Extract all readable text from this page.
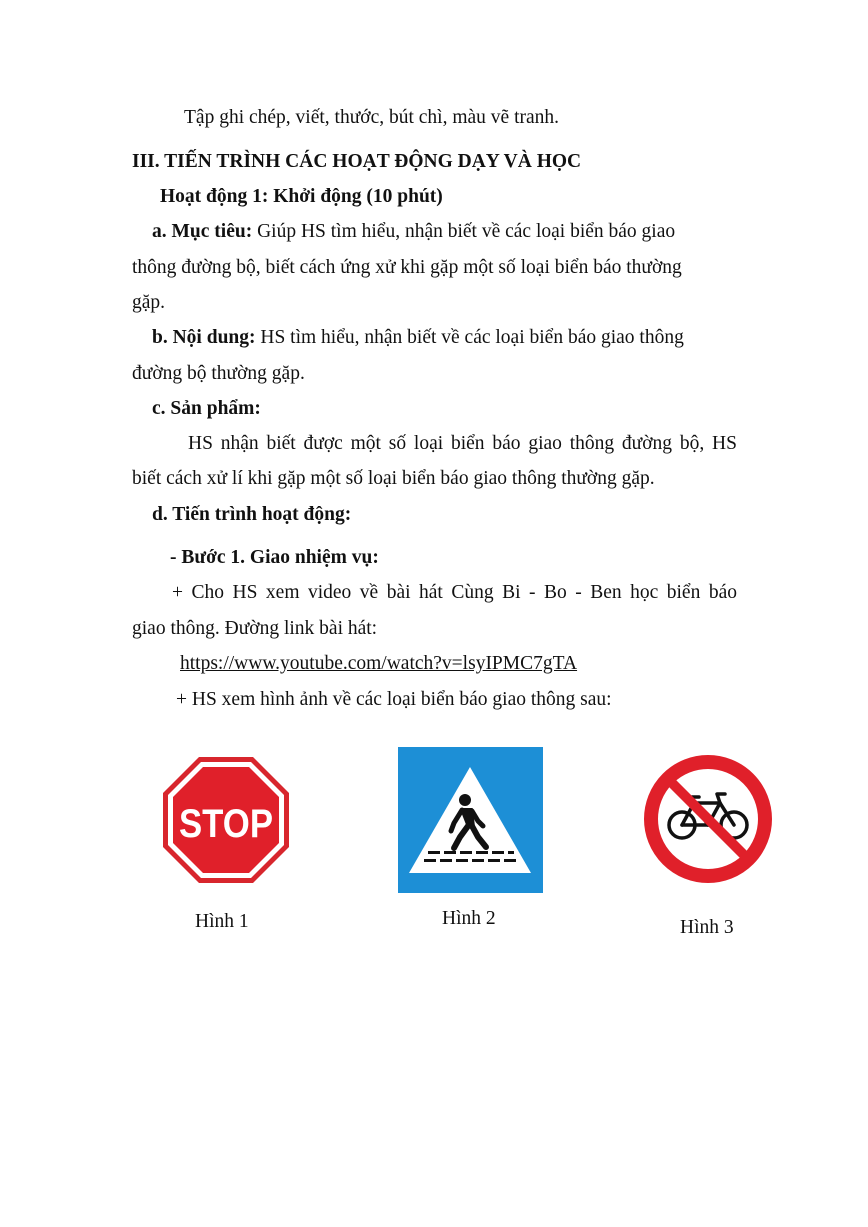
Tập ghi chép, viết, thước, bút chì, màu vẽ tranh.
III. TIẾN TRÌNH CÁC HOẠT ĐỘNG DẠY VÀ HỌC
Hoạt động 1: Khởi động (10 phút)
a. Mục tiêu: Giúp HS tìm hiểu, nhận biết về các loại biển báo giao
thông đường bộ, biết cách ứng xử khi gặp một số loại biển báo thường
gặp.
b. Nội dung: HS tìm hiểu, nhận biết về các loại biển báo giao thông
đường bộ thường gặp.
c. Sản phẩm:
HS nhận biết được một số loại biển báo giao thông đường bộ, HS
biết cách xử lí khi gặp một số loại biển báo giao thông thường gặp.
d. Tiến trình hoạt động:
- Bước 1. Giao nhiệm vụ:
+ Cho HS xem video về bài hát Cùng Bi - Bo - Ben học biển báo
giao thông. Đường link bài hát:
https://www.youtube.com/watch?v=lsyIPMC7gTA
+ HS xem hình ảnh về các loại biển báo giao thông sau:
STOP
Hình 1	Hình 2	Hình 3
